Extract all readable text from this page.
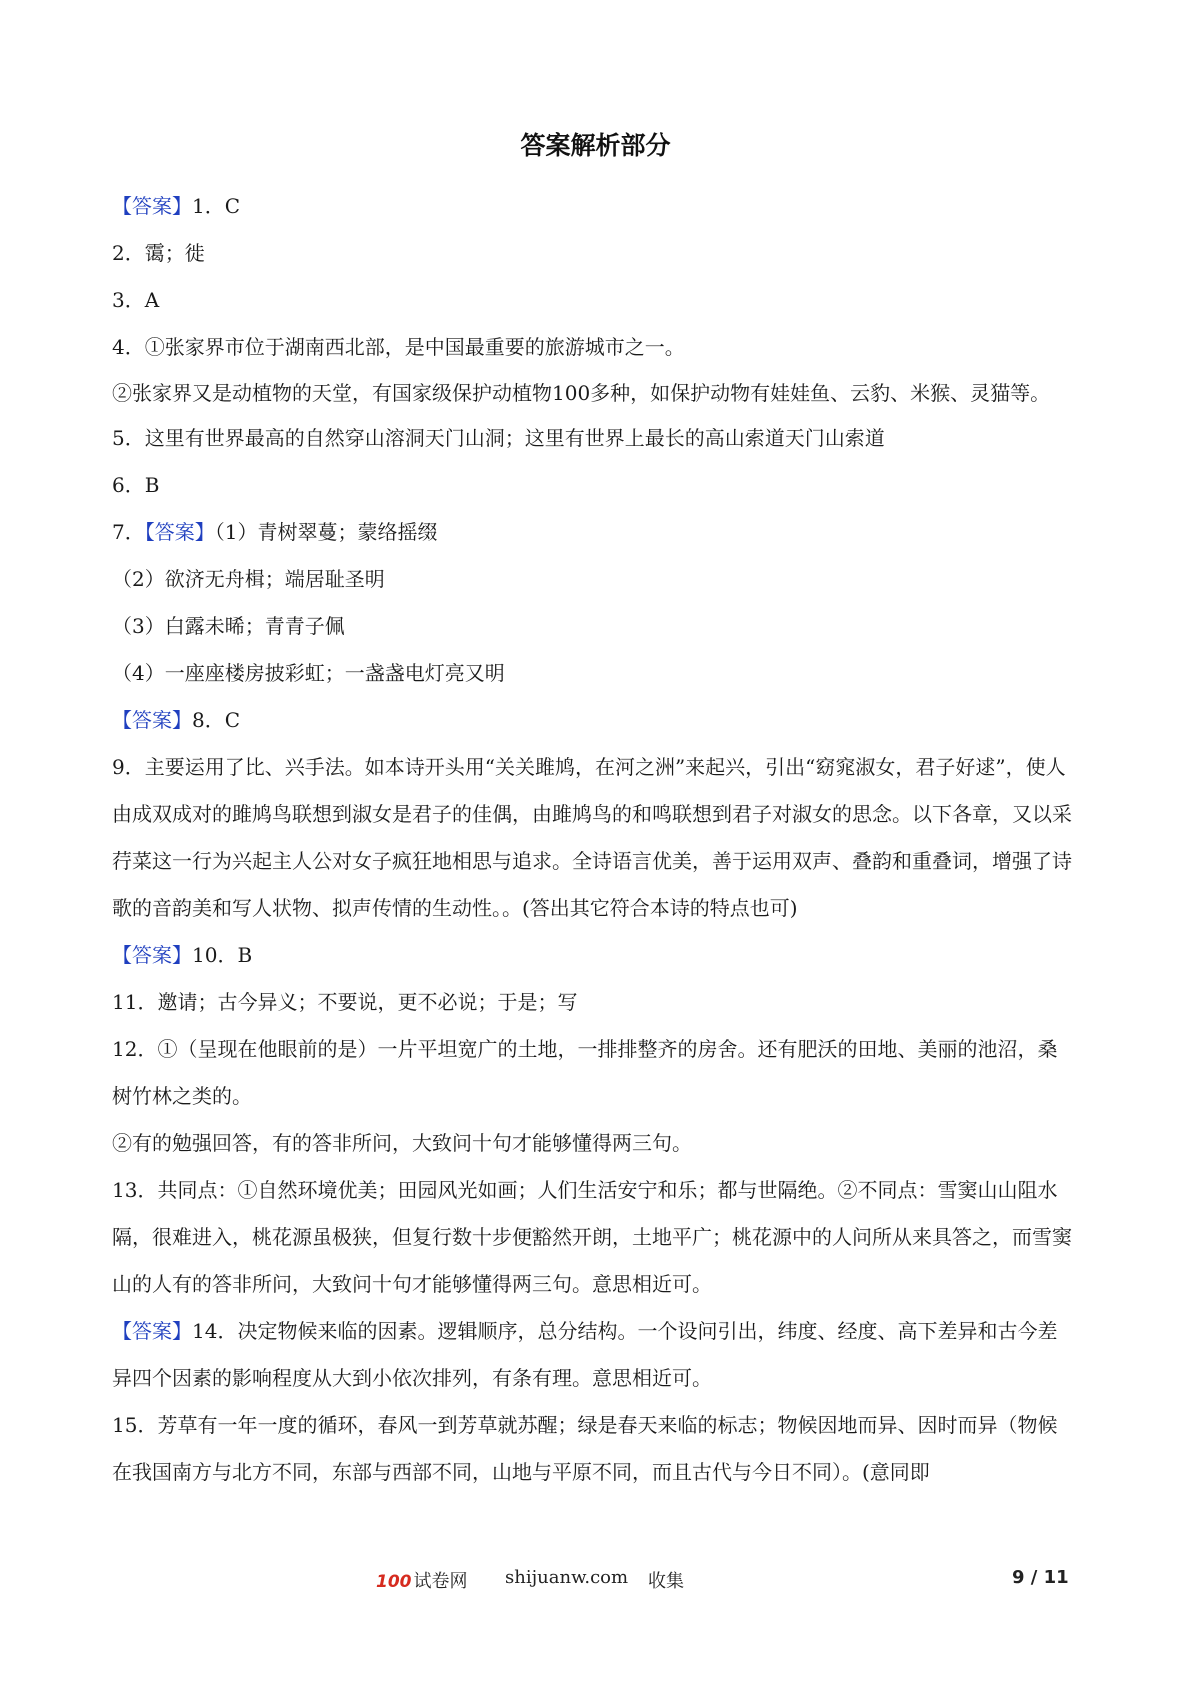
答案解析部分
【答案】1．C
2．霭；徙
3．A
4．①张家界市位于湖南西北部，是中国最重要的旅游城市之一。
②张家界又是动植物的天堂，有国家级保护动植物100多种，如保护动物有娃娃鱼、云豹、米猴、灵猫等。
5．这里有世界最高的自然穿山溶洞天门山洞；这里有世界上最长的高山索道天门山索道
6．B
7．【答案】（1）青树翠蔓；蒙络摇缀
（2）欲济无舟楫；端居耻圣明
（3）白露未晞；青青子佩
（4）一座座楼房披彩虹；一盏盏电灯亮又明
【答案】8．C
9．主要运用了比、兴手法。如本诗开头用“关关雎鸠，在河之洲”来起兴，引出“窈窕淑女，君子好逑”，使人由成双成对的雎鸠鸟联想到淑女是君子的佳偶，由雎鸠鸟的和鸣联想到君子对淑女的思念。以下各章，又以采荇菜这一行为兴起主人公对女子疯狂地相思与追求。全诗语言优美，善于运用双声、叠韵和重叠词，增强了诗歌的音韵美和写人状物、拟声传情的生动性。。(答出其它符合本诗的特点也可)
【答案】10．B
11．邀请；古今异义；不要说，更不必说；于是；写
12．①（呈现在他眼前的是）一片平坦宽广的土地，一排排整齐的房舍。还有肥沃的田地、美丽的池沼，桑树竹林之类的。
②有的勉强回答，有的答非所问，大致问十句才能够懂得两三句。
13．共同点：①自然环境优美；田园风光如画；人们生活安宁和乐；都与世隔绝。②不同点：雪窦山山阻水隔，很难进入，桃花源虽极狭，但复行数十步便豁然开朗，土地平广；桃花源中的人问所从来具答之，而雪窦山的人有的答非所问，大致问十句才能够懂得两三句。意思相近可。
【答案】14．决定物候来临的因素。逻辑顺序，总分结构。一个设问引出，纬度、经度、高下差异和古今差异四个因素的影响程度从大到小依次排列，有条有理。意思相近可。
15．芳草有一年一度的循环，春风一到芳草就苏醒；绿是春天来临的标志；物候因地而异、因时而异（物候在我国南方与北方不同，东部与西部不同，山地与平原不同，而且古代与今日不同）。(意同即
100 试卷网 shijuanw.com 收集	9 / 11
